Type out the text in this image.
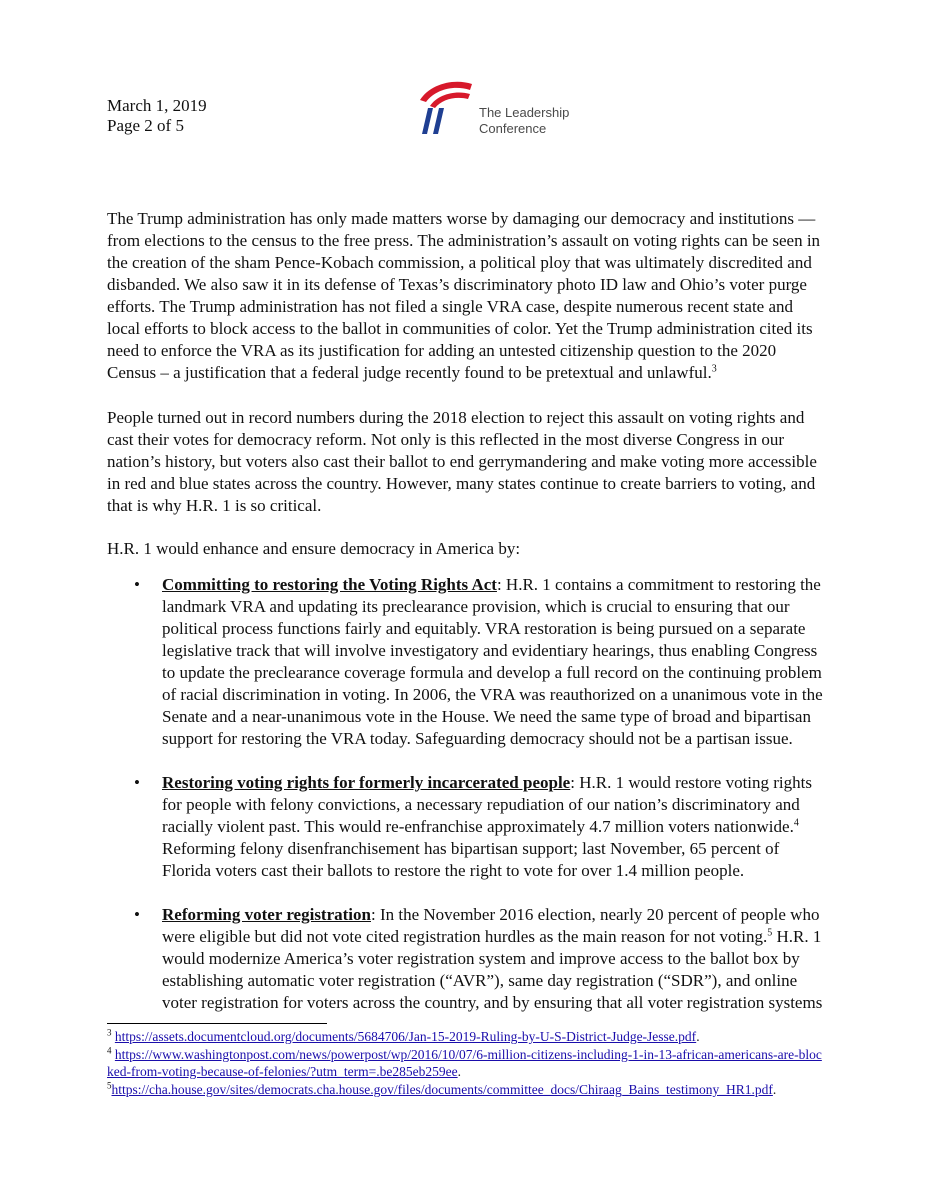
March 1, 2019
Page 2 of 5
The Leadership
Conference
The Trump administration has only made matters worse by damaging our democracy and institutions — from elections to the census to the free press. The administration’s assault on voting rights can be seen in the creation of the sham Pence-Kobach commission, a political ploy that was ultimately discredited and disbanded. We also saw it in its defense of Texas’s discriminatory photo ID law and Ohio’s voter purge efforts. The Trump administration has not filed a single VRA case, despite numerous recent state and local efforts to block access to the ballot in communities of color. Yet the Trump administration cited its need to enforce the VRA as its justification for adding an untested citizenship question to the 2020 Census – a justification that a federal judge recently found to be pretextual and unlawful.$^3$
People turned out in record numbers during the 2018 election to reject this assault on voting rights and cast their votes for democracy reform. Not only is this reflected in the most diverse Congress in our nation’s history, but voters also cast their ballot to end gerrymandering and make voting more accessible in red and blue states across the country. However, many states continue to create barriers to voting, and that is why H.R. 1 is so critical.
H.R. 1 would enhance and ensure democracy in America by:
• Committing to restoring the Voting Rights Act: H.R. 1 contains a commitment to restoring the landmark VRA and updating its preclearance provision, which is crucial to ensuring that our political process functions fairly and equitably. VRA restoration is being pursued on a separate legislative track that will involve investigatory and evidentiary hearings, thus enabling Congress to update the preclearance coverage formula and develop a full record on the continuing problem of racial discrimination in voting. In 2006, the VRA was reauthorized on a unanimous vote in the Senate and a near-unanimous vote in the House. We need the same type of broad and bipartisan support for restoring the VRA today. Safeguarding democracy should not be a partisan issue.
• Restoring voting rights for formerly incarcerated people: H.R. 1 would restore voting rights for people with felony convictions, a necessary repudiation of our nation’s discriminatory and racially violent past. This would re-enfranchise approximately 4.7 million voters nationwide.$^4$ Reforming felony disenfranchisement has bipartisan support; last November, 65 percent of Florida voters cast their ballots to restore the right to vote for over 1.4 million people.
• Reforming voter registration: In the November 2016 election, nearly 20 percent of people who were eligible but did not vote cited registration hurdles as the main reason for not voting.$^5$ H.R. 1 would modernize America’s voter registration system and improve access to the ballot box by establishing automatic voter registration (“AVR”), same day registration (“SDR”), and online voter registration for voters across the country, and by ensuring that all voter registration systems
$^3$ https://assets.documentcloud.org/documents/5684706/Jan-15-2019-Ruling-by-U-S-District-Judge-Jesse.pdf.
$^4$ https://www.washingtonpost.com/news/powerpost/wp/2016/10/07/6-million-citizens-including-1-in-13-african-americans-are-blocked-from-voting-because-of-felonies/?utm_term=.be285eb259ee.
$^5$https://cha.house.gov/sites/democrats.cha.house.gov/files/documents/committee_docs/Chiraag_Bains_testimony_HR1.pdf.
